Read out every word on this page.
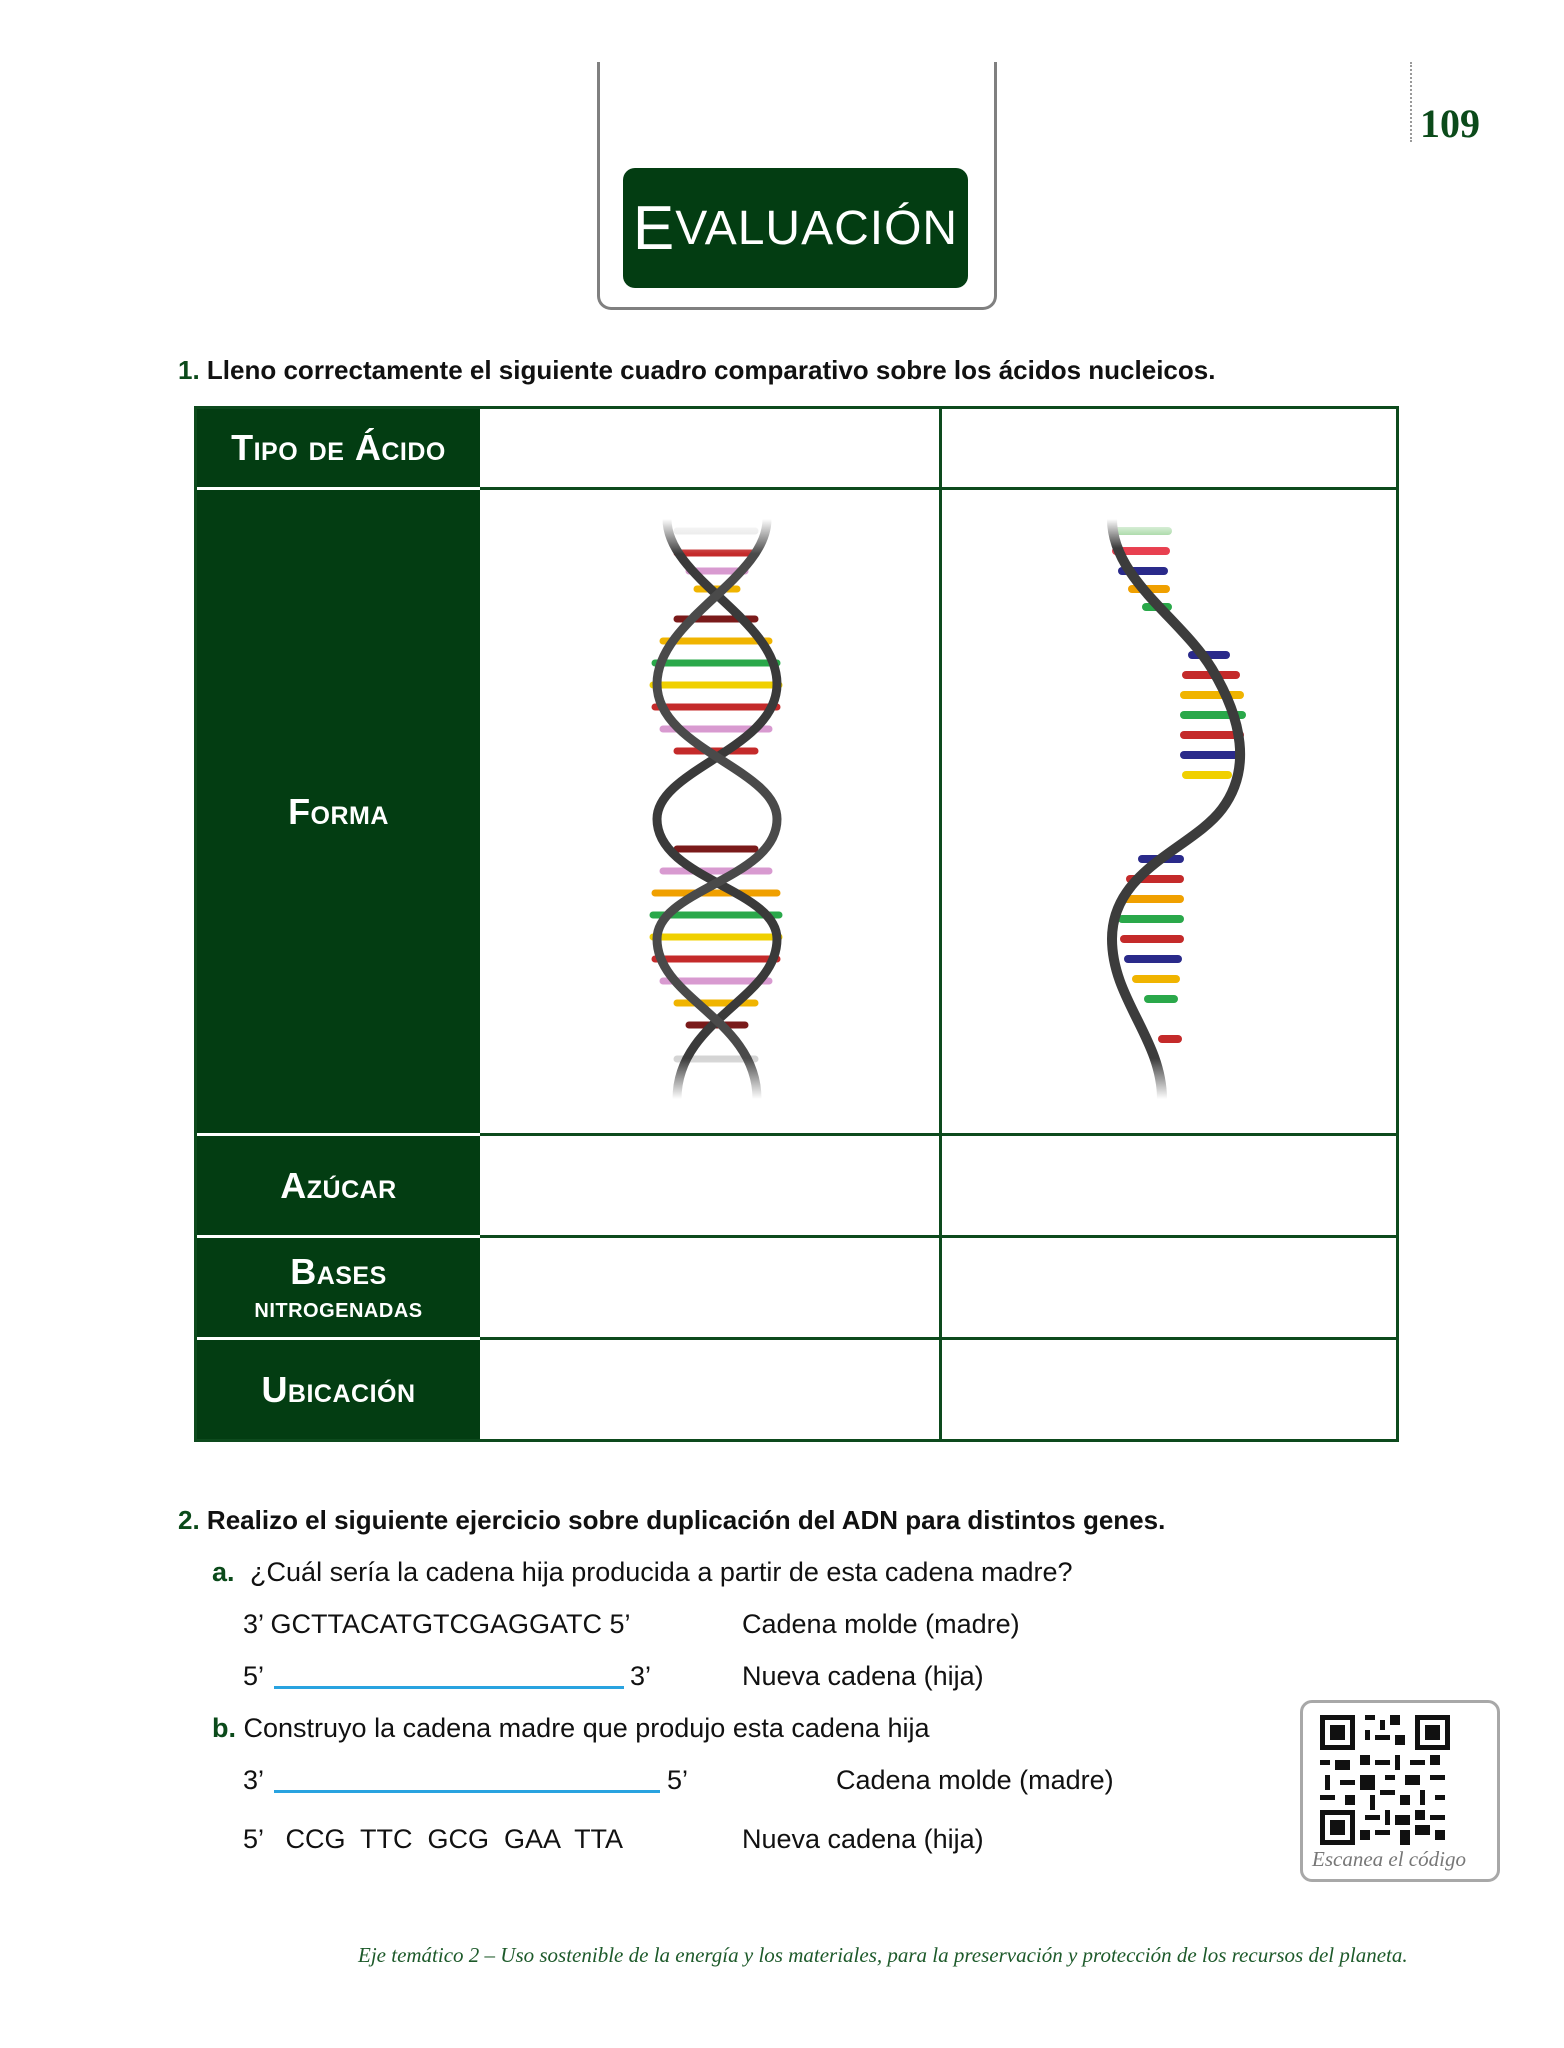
E VALUACIÓN
109
1. Lleno correctamente el siguiente cuadro comparativo sobre los ácidos nucleicos.
Tipo de Ácido
Forma
Azúcar
Bases
nitrogenadas
Ubicación
2. Realizo el siguiente ejercicio sobre duplicación del ADN para distintos genes.
a. ¿Cuál sería la cadena hija producida a partir de esta cadena madre?
3’ GCTTACATGTCGAGGATC 5’	Cadena molde (madre)
5’	3’	Nueva cadena (hija)
b. Construyo la cadena madre que produjo esta cadena hija
3’	5’	Cadena molde (madre)
5’   CCG  TTC  GCG  GAA  TTA	Nueva cadena (hija)
Escanea el código
Eje temático 2 – Uso sostenible de la energía y los materiales, para la preservación y protección de los recursos del planeta.
